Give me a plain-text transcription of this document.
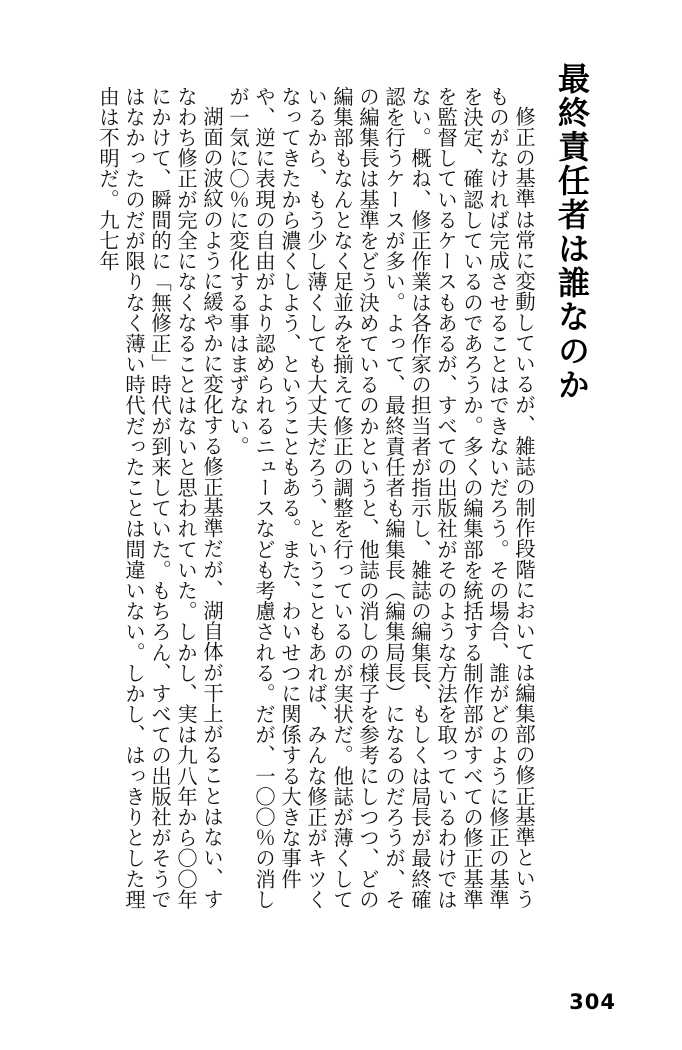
最終責任者は誰なのか

修正の基準は常に変動しているが、雑誌の制作段階においては編集部の修正基準というものがなければ完成させることはできないだろう。その場合、誰がどのように修正の基準を決定、確認しているのであろうか。多くの編集部を統括する制作部がすべての修正基準を監督しているケースもあるが、すべての出版社がそのような方法を取っているわけではない。概ね、修正作業は各作家の担当者が指示し、雑誌の編集長、もしくは局長が最終確認を行うケースが多い。よって、最終責任者も編集長（編集局長）になるのだろうが、その編集長は基準をどう決めているのかというと、他誌の消しの様子を参考にしつつ、どの編集部もなんとなく足並みを揃えて修正の調整を行っているのが実状だ。他誌が薄くしているから、もう少し薄くしても大丈夫だろう、ということもあれば、みんな修正がキツくなってきたから濃くしよう、ということもある。また、わいせつに関係する大きな事件や、逆に表現の自由がより認められるニュースなども考慮される。だが、一〇〇％の消しが一気に〇％に変化する事はまずない。

湖面の波紋のように緩やかに変化する修正基準だが、湖自体が干上がることはない、すなわち修正が完全になくなることはないと思われていた。しかし、実は九八年から〇〇年にかけて、瞬間的に「無修正」時代が到来していた。もちろん、すべての出版社がそうではなかったのだが限りなく薄い時代だったことは間違いない。しかし、はっきりとした理由は不明だ。九七年

304
